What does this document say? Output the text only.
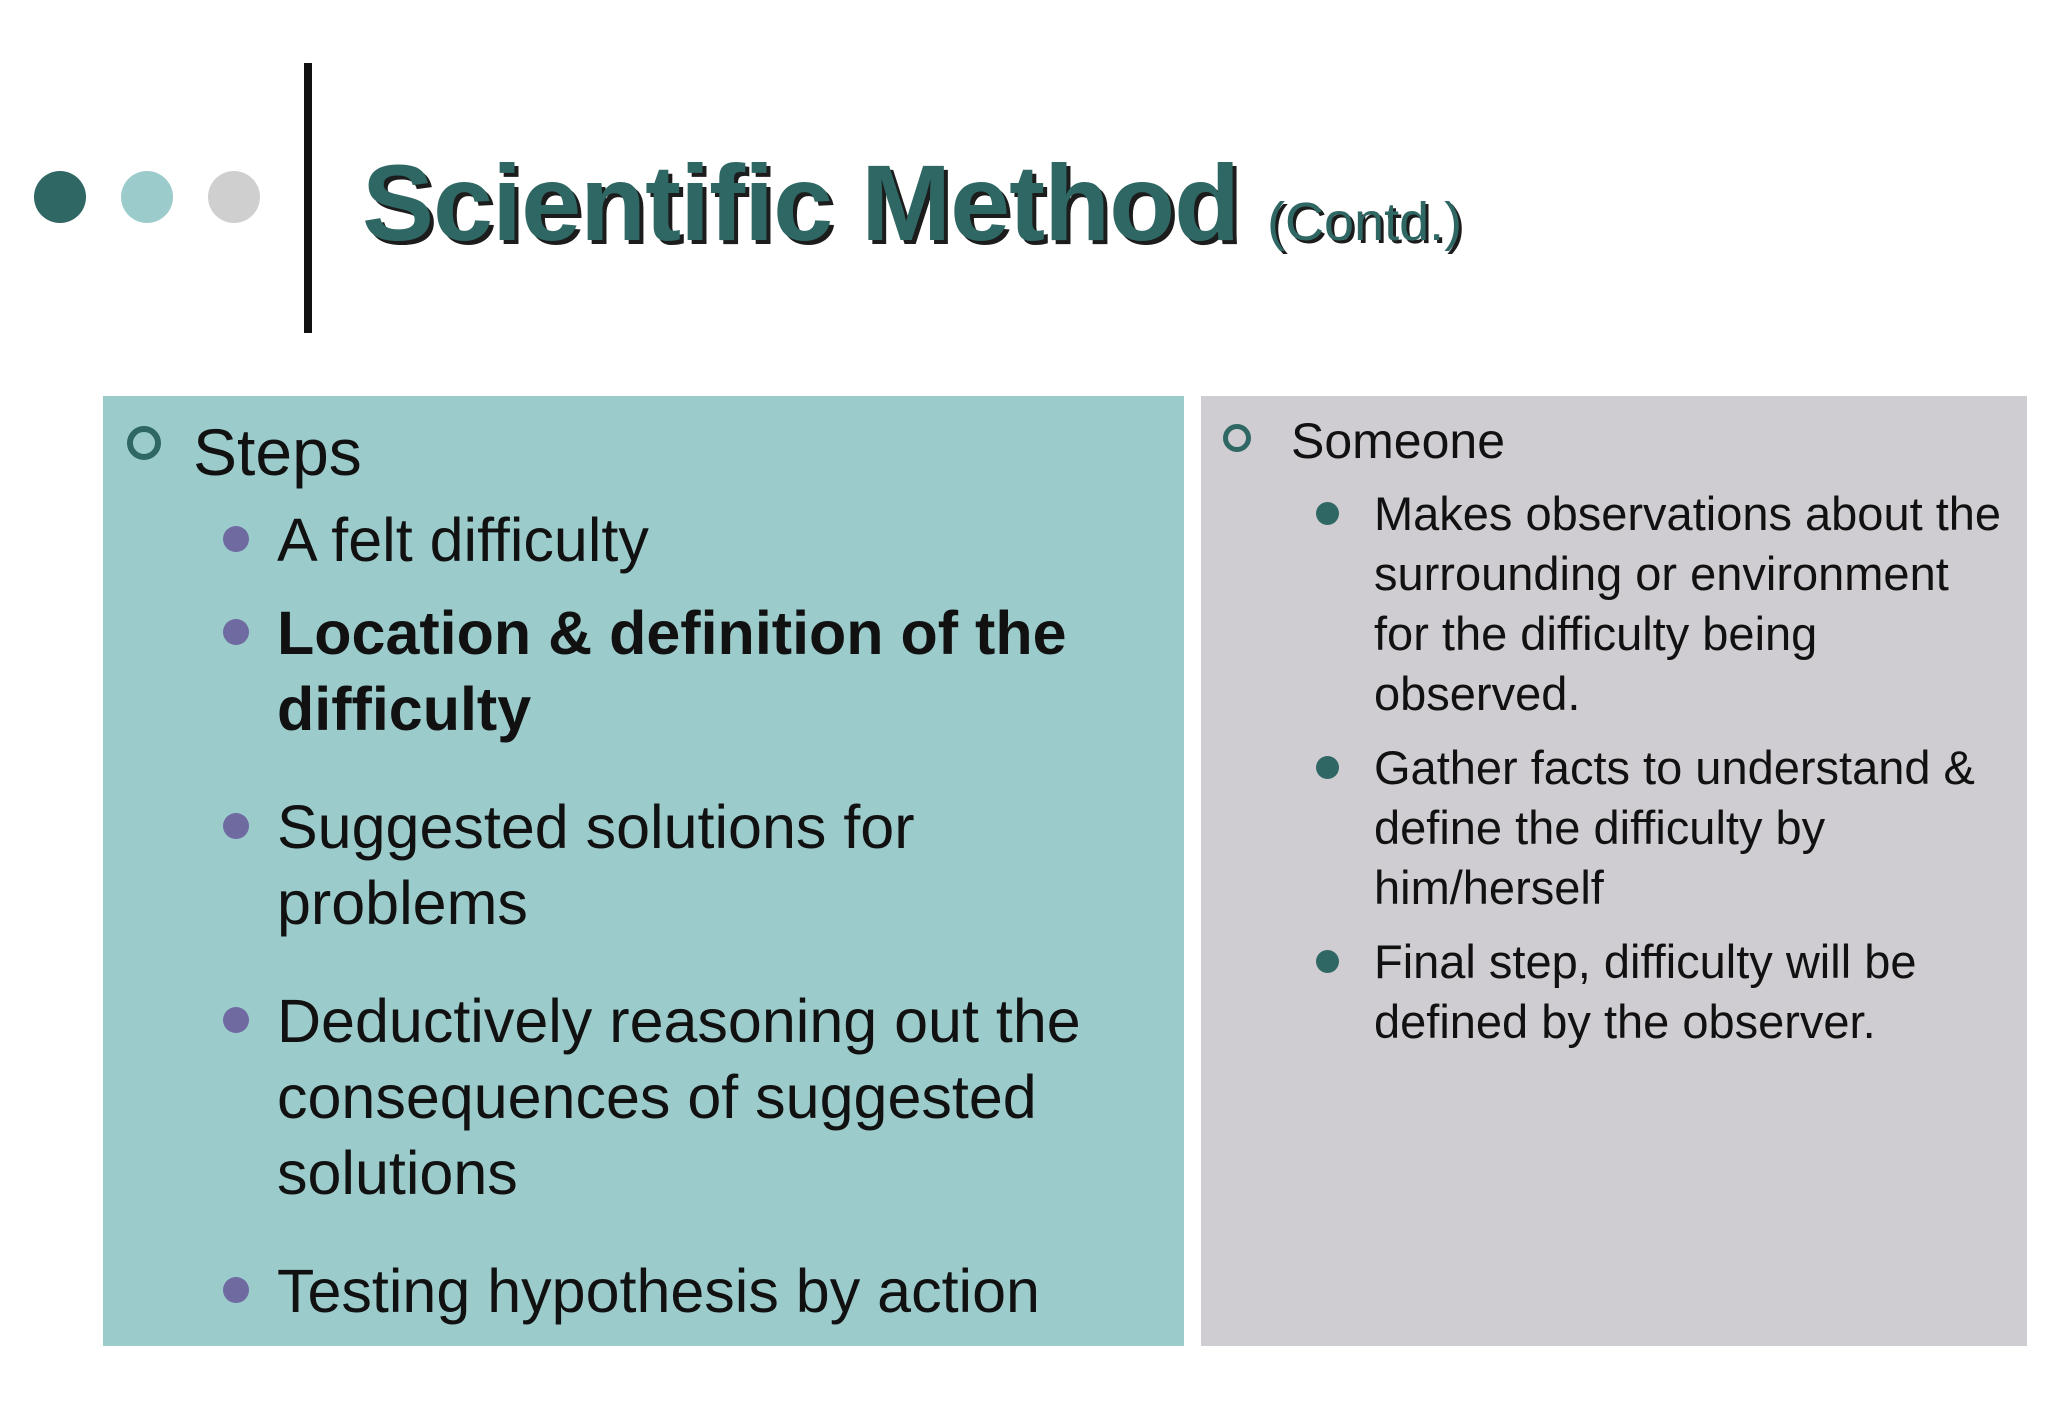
Scientific Method (Contd.)
Steps
A felt difficulty
Location & definition of the difficulty
Suggested solutions for problems
Deductively reasoning out the consequences of suggested solutions
Testing hypothesis by action
Someone
Makes observations about the surrounding or environment for the difficulty being observed.
Gather facts to understand & define the difficulty by him/herself
Final step, difficulty will be defined by the observer.
